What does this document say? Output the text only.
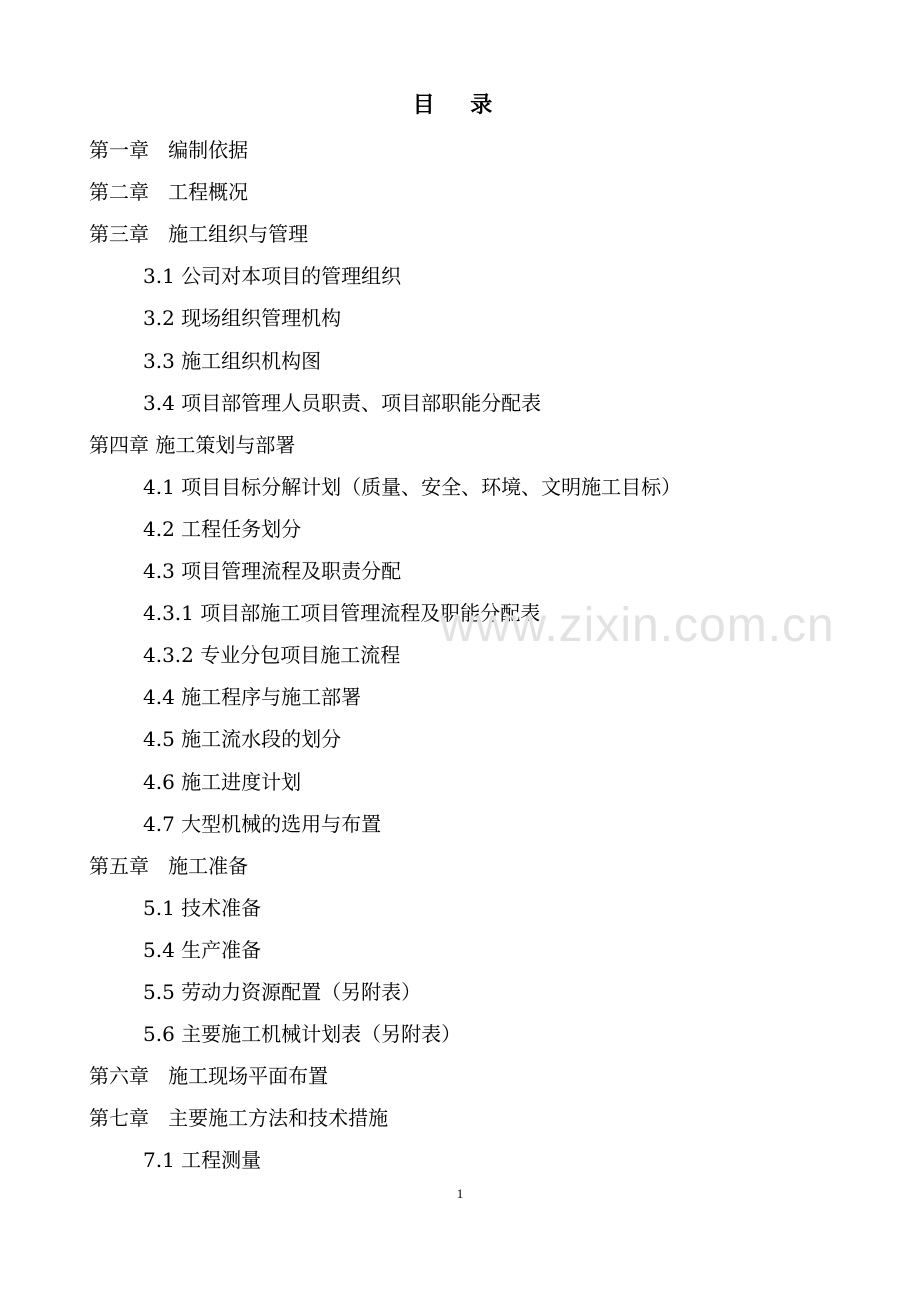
目    录
第一章   编制依据
第二章   工程概况
第三章   施工组织与管理
3.1 公司对本项目的管理组织
3.2 现场组织管理机构
3.3 施工组织机构图
3.4 项目部管理人员职责、项目部职能分配表
第四章 施工策划与部署
4.1 项目目标分解计划（质量、安全、环境、文明施工目标）
4.2 工程任务划分
4.3 项目管理流程及职责分配
4.3.1 项目部施工项目管理流程及职能分配表
4.3.2 专业分包项目施工流程
4.4 施工程序与施工部署
4.5 施工流水段的划分
4.6 施工进度计划
4.7 大型机械的选用与布置
第五章   施工准备
5.1 技术准备
5.4 生产准备
5.5 劳动力资源配置（另附表）
5.6 主要施工机械计划表（另附表）
第六章   施工现场平面布置
第七章   主要施工方法和技术措施
7.1 工程测量
www.zixin.com.cn
1
